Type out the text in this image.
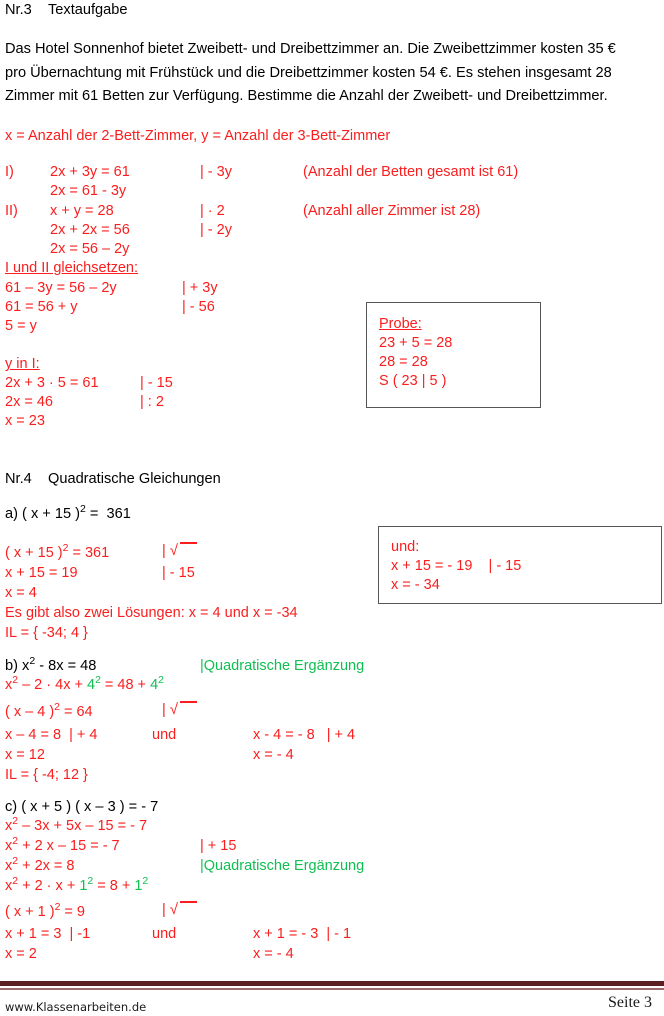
Nr.3 Textaufgabe
Das Hotel Sonnenhof bietet Zweibett- und Dreibettzimmer an. Die Zweibettzimmer kosten 35 € pro Übernachtung mit Frühstück und die Dreibettzimmer kosten 54 €. Es stehen insgesamt 28 Zimmer mit 61 Betten zur Verfügung. Bestimme die Anzahl der Zweibett- und Dreibettzimmer.
x = Anzahl der 2-Bett-Zimmer, y = Anzahl der 3-Bett-Zimmer
I) 2x + 3y = 61	| - 3y	(Anzahl der Betten gesamt ist 61)
2x = 61 - 3y
II) x + y = 28	| · 2	(Anzahl aller Zimmer ist 28)
2x + 2x = 56	| - 2y
2x = 56 – 2y
I und II gleichsetzen:
61 – 3y = 56 – 2y	| + 3y
61 = 56 + y	| - 56
5 = y
y in I:
2x + 3 · 5 = 61	| - 15
2x = 46	| : 2
x = 23
Probe:
23 + 5 = 28
28 = 28
S ( 23 | 5 )
Nr.4 Quadratische Gleichungen
a) ( x + 15 )$^2$ =  361
( x + 15 )$^2$ = 361	| √
x + 15 = 19	| - 15
x = 4
Es gibt also zwei Lösungen: x = 4 und x = -34
IL = { -34; 4 }
und:
x + 15 = - 19    | - 15
x = - 34
b) $x^2 - 8x = 48$	|Quadratische Ergänzung
$x^2 - 2 \cdot 4x + 4^2 = 48 + 4^2$
( x – 4 )$^2$ = 64	| √
x – 4 = 8  | + 4	und	x - 4 = - 8   | + 4
x = 12	x = - 4
IL = { -4; 12 }
c) ( x + 5 ) ( x – 3 ) = - 7
$x^2 - 3x + 5x - 15$ = - 7
$x^2 + 2$ x – 15 = - 7	| + 15
$x^2 + 2x = 8$	|Quadratische Ergänzung
$x^2 + 2 \cdot x + 1^2 = 8 + 1^2$
( x + 1 )$^2$ = 9	| √
x + 1 = 3  | -1	und	x + 1 = - 3  | - 1
x = 2	x = - 4
www.Klassenarbeiten.de	Seite 3
